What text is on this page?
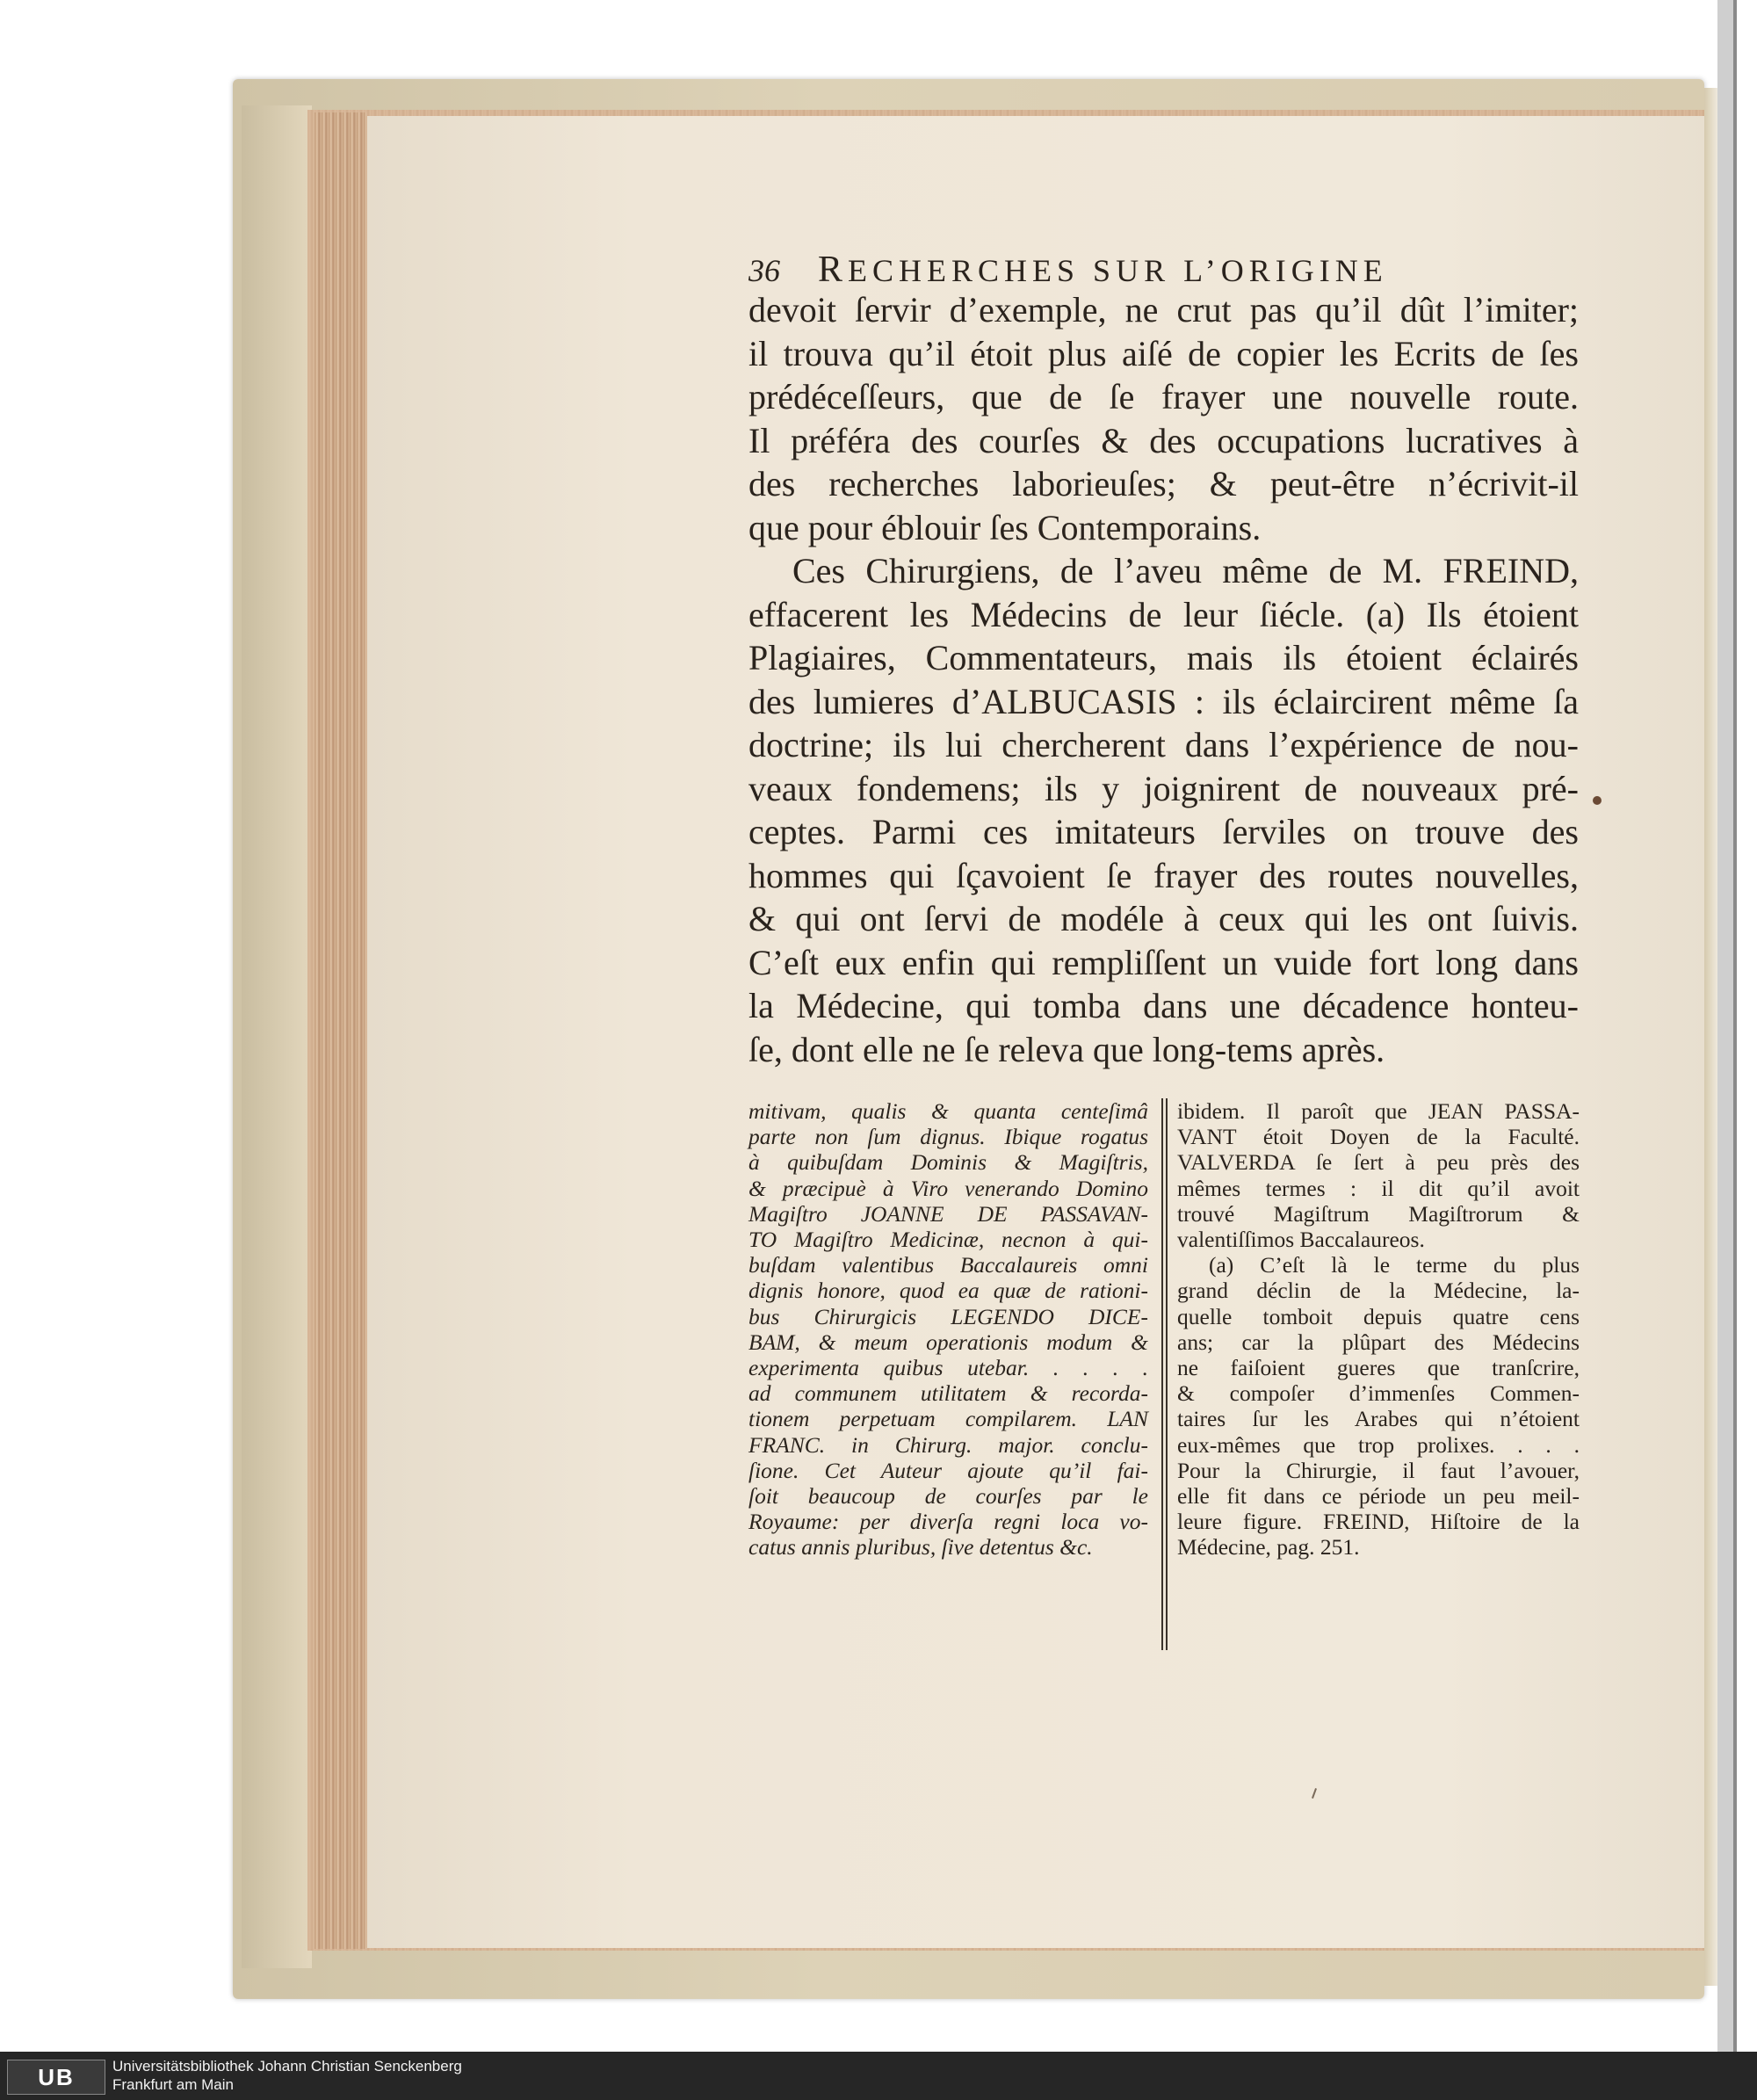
36 RECHERCHES SUR L’ORIGINE
devoit ſervir d’exemple, ne crut pas qu’il dût l’imiter;
il trouva qu’il étoit plus aiſé de copier les Ecrits de ſes
prédéceſſeurs, que de ſe frayer une nouvelle route.
Il préféra des courſes & des occupations lucratives à
des recherches laborieuſes; & peut-être n’écrivit-il
que pour éblouir ſes Contemporains.
Ces Chirurgiens, de l’aveu même de M. FREIND,
effacerent les Médecins de leur ſiécle. (a) Ils étoient
Plagiaires, Commentateurs, mais ils étoient éclairés
des lumieres d’ALBUCASIS : ils éclaircirent même ſa
doctrine; ils lui chercherent dans l’expérience de nou-
veaux fondemens; ils y joignirent de nouveaux pré-
ceptes. Parmi ces imitateurs ſerviles on trouve des
hommes qui ſçavoient ſe frayer des routes nouvelles,
& qui ont ſervi de modéle à ceux qui les ont ſuivis.
C’eſt eux enfin qui rempliſſent un vuide fort long dans
la Médecine, qui tomba dans une décadence honteu-
ſe, dont elle ne ſe releva que long-tems après.
mitivam, qualis & quanta centeſimâ
parte non ſum dignus. Ibique rogatus
à quibuſdam Dominis & Magiſtris,
& præcipuè à Viro venerando Domino
Magiſtro JOANNE DE PASSAVAN-
TO Magiſtro Medicinæ, necnon à qui-
buſdam valentibus Baccalaureis omni
dignis honore, quod ea quæ de rationi-
bus Chirurgicis LEGENDO DICE-
BAM, & meum operationis modum &
experimenta quibus utebar. . . . .
ad communem utilitatem & recorda-
tionem perpetuam compilarem. LAN
FRANC. in Chirurg. major. conclu-
ſione. Cet Auteur ajoute qu’il fai-
ſoit beaucoup de courſes par le
Royaume: per diverſa regni loca vo-
catus annis pluribus, ſive detentus &c.
ibidem. Il paroît que JEAN PASSA-
VANT étoit Doyen de la Faculté.
VALVERDA ſe ſert à peu près des
mêmes termes : il dit qu’il avoit
trouvé Magiſtrum Magiſtrorum &
valentiſſimos Baccalaureos.
(a) C’eſt là le terme du plus
grand déclin de la Médecine, la-
quelle tomboit depuis quatre cens
ans; car la plûpart des Médecins
ne faiſoient gueres que tranſcrire,
& compoſer d’immenſes Commen-
taires ſur les Arabes qui n’étoient
eux-mêmes que trop prolixes. . . .
Pour la Chirurgie, il faut l’avouer,
elle fit dans ce période un peu meil-
leure figure. FREIND, Hiſtoire de la
Médecine, pag. 251.
UB	Universitätsbibliothek Johann Christian Senckenberg
Frankfurt am Main
